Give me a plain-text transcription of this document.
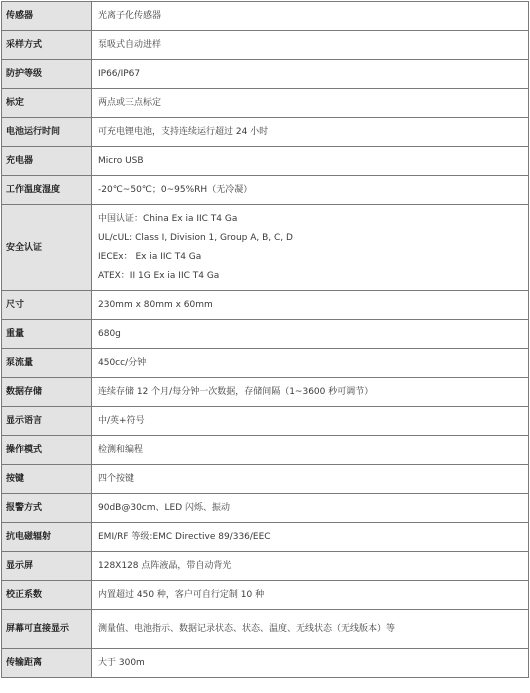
传感器	光离子化传感器
采样方式	泵吸式自动进样
防护等级	IP66/IP67
标定	两点或三点标定
电池运行时间	可充电锂电池，支持连续运行超过 24 小时
充电器	Micro USB
工作温度湿度	-20℃~50℃；0~95%RH（无冷凝）
安全认证	中国认证：China Ex ia IIC T4 Ga
UL/cUL: Class I, Division 1, Group A, B, C, D
IECEx： Ex ia IIC T4 Ga
ATEX：II 1G Ex ia IIC T4 Ga

尺寸	230mm x 80mm x 60mm
重量	680g
泵流量	450cc/分钟
数据存储	连续存储 12 个月/每分钟一次数据，存储间隔（1~3600 秒可调节）
显示语言	中/英+符号
操作模式	检测和编程
按键	四个按键
报警方式	90dB@30cm、LED 闪烁、振动
抗电磁辐射	EMI/RF 等级:EMC Directive 89/336/EEC
显示屏	128X128 点阵液晶，带自动背光
校正系数	内置超过 450 种，客户可自行定制 10 种
屏幕可直接显示	测量值、电池指示、数据记录状态、状态、温度、无线状态（无线版本）等
传输距离	大于 300m
